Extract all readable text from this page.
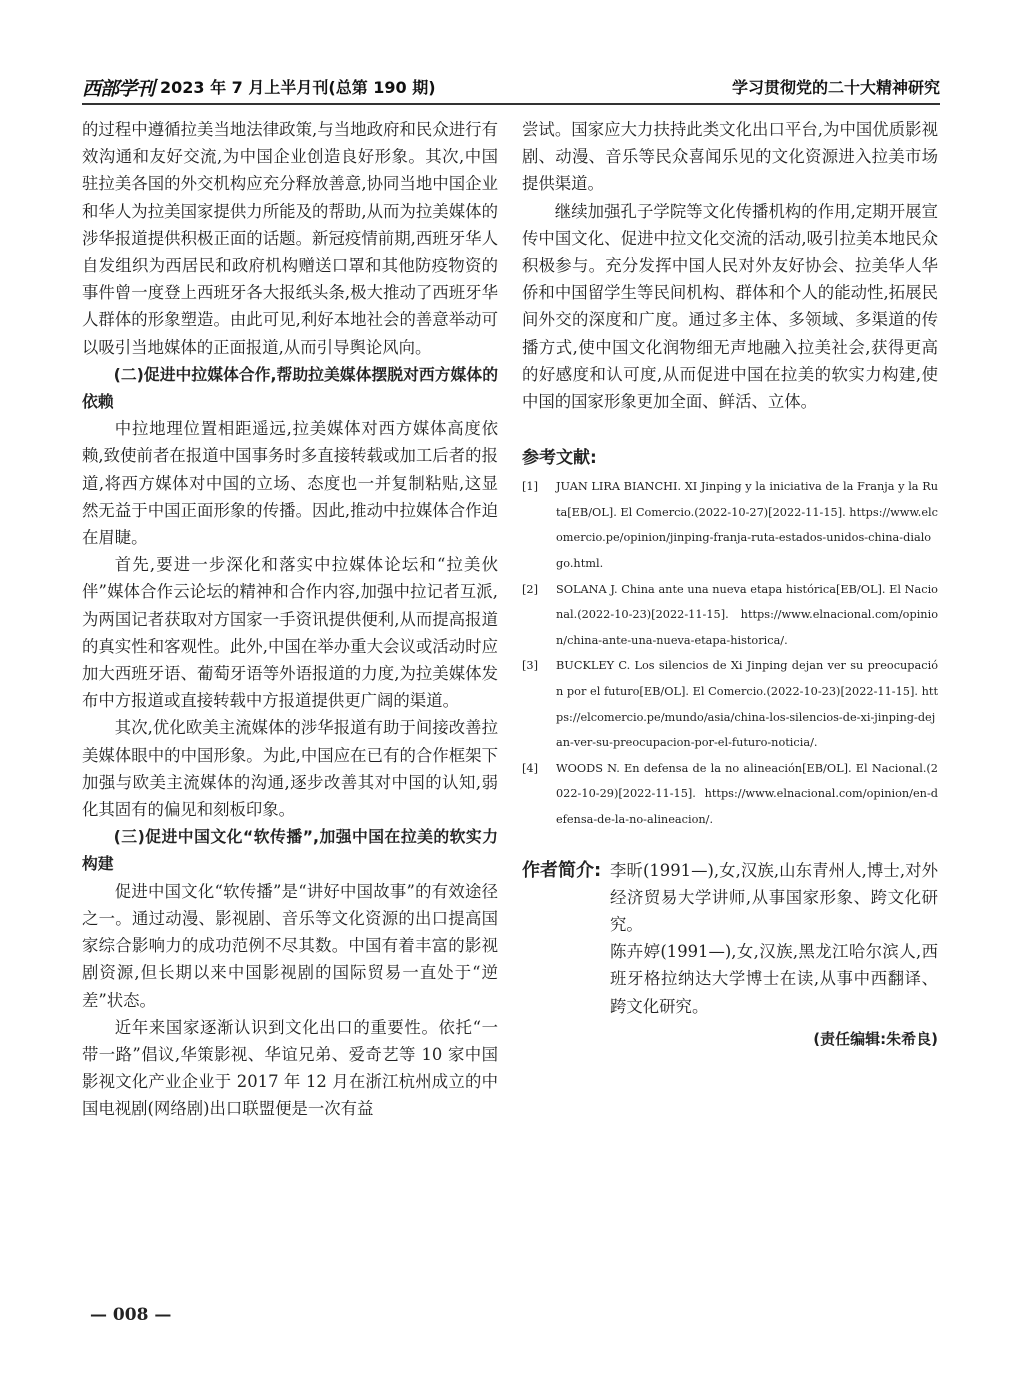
西部学刊 2023 年 7 月上半月刊(总第 190 期)	学习贯彻党的二十大精神研究

的过程中遵循拉美当地法律政策,与当地政府和民众进行有效沟通和友好交流,为中国企业创造良好形象。其次,中国驻拉美各国的外交机构应充分释放善意,协同当地中国企业和华人为拉美国家提供力所能及的帮助,从而为拉美媒体的涉华报道提供积极正面的话题。新冠疫情前期,西班牙华人自发组织为西居民和政府机构赠送口罩和其他防疫物资的事件曾一度登上西班牙各大报纸头条,极大推动了西班牙华人群体的形象塑造。由此可见,利好本地社会的善意举动可以吸引当地媒体的正面报道,从而引导舆论风向。

(二)促进中拉媒体合作,帮助拉美媒体摆脱对西方媒体的依赖

中拉地理位置相距遥远,拉美媒体对西方媒体高度依赖,致使前者在报道中国事务时多直接转载或加工后者的报道,将西方媒体对中国的立场、态度也一并复制粘贴,这显然无益于中国正面形象的传播。因此,推动中拉媒体合作迫在眉睫。

首先,要进一步深化和落实中拉媒体论坛和“拉美伙伴”媒体合作云论坛的精神和合作内容,加强中拉记者互派,为两国记者获取对方国家一手资讯提供便利,从而提高报道的真实性和客观性。此外,中国在举办重大会议或活动时应加大西班牙语、葡萄牙语等外语报道的力度,为拉美媒体发布中方报道或直接转载中方报道提供更广阔的渠道。

其次,优化欧美主流媒体的涉华报道有助于间接改善拉美媒体眼中的中国形象。为此,中国应在已有的合作框架下加强与欧美主流媒体的沟通,逐步改善其对中国的认知,弱化其固有的偏见和刻板印象。

(三)促进中国文化“软传播”,加强中国在拉美的软实力构建

促进中国文化“软传播”是“讲好中国故事”的有效途径之一。通过动漫、影视剧、音乐等文化资源的出口提高国家综合影响力的成功范例不尽其数。中国有着丰富的影视剧资源,但长期以来中国影视剧的国际贸易一直处于“逆差”状态。

近年来国家逐渐认识到文化出口的重要性。依托“一带一路”倡议,华策影视、华谊兄弟、爱奇艺等 10 家中国影视文化产业企业于 2017 年 12 月在浙江杭州成立的中国电视剧(网络剧)出口联盟便是一次有益

尝试。国家应大力扶持此类文化出口平台,为中国优质影视剧、动漫、音乐等民众喜闻乐见的文化资源进入拉美市场提供渠道。

继续加强孔子学院等文化传播机构的作用,定期开展宣传中国文化、促进中拉文化交流的活动,吸引拉美本地民众积极参与。充分发挥中国人民对外友好协会、拉美华人华侨和中国留学生等民间机构、群体和个人的能动性,拓展民间外交的深度和广度。通过多主体、多领域、多渠道的传播方式,使中国文化润物细无声地融入拉美社会,获得更高的好感度和认可度,从而促进中国在拉美的软实力构建,使中国的国家形象更加全面、鲜活、立体。

参考文献:
[1]	JUAN LIRA BIANCHI. XI Jinping y la iniciativa de la Franja y la Ruta[EB/OL]. El Comercio.(2022-10-27)[2022-11-15]. https://www.elcomercio.pe/opinion/jinping-franja-ruta-estados-unidos-china-dialogo.html.
[2]	SOLANA J. China ante una nueva etapa histórica[EB/OL]. El Nacional.(2022-10-23)[2022-11-15]. https://www.elnacional.com/opinion/china-ante-una-nueva-etapa-historica/.
[3]	BUCKLEY C. Los silencios de Xi Jinping dejan ver su preocupación por el futuro[EB/OL]. El Comercio.(2022-10-23)[2022-11-15]. https://elcomercio.pe/mundo/asia/china-los-silencios-de-xi-jinping-dejan-ver-su-preocupacion-por-el-futuro-noticia/.
[4]	WOODS N. En defensa de la no alineación[EB/OL]. El Nacional.(2022-10-29)[2022-11-15]. https://www.elnacional.com/opinion/en-defensa-de-la-no-alineacion/.
作者简介: 李昕(1991—),女,汉族,山东青州人,博士,对外经济贸易大学讲师,从事国家形象、跨文化研究。

陈卉婷(1991—),女,汉族,黑龙江哈尔滨人,西班牙格拉纳达大学博士在读,从事中西翻译、跨文化研究。

(责任编辑:朱希良)
— 008 —
